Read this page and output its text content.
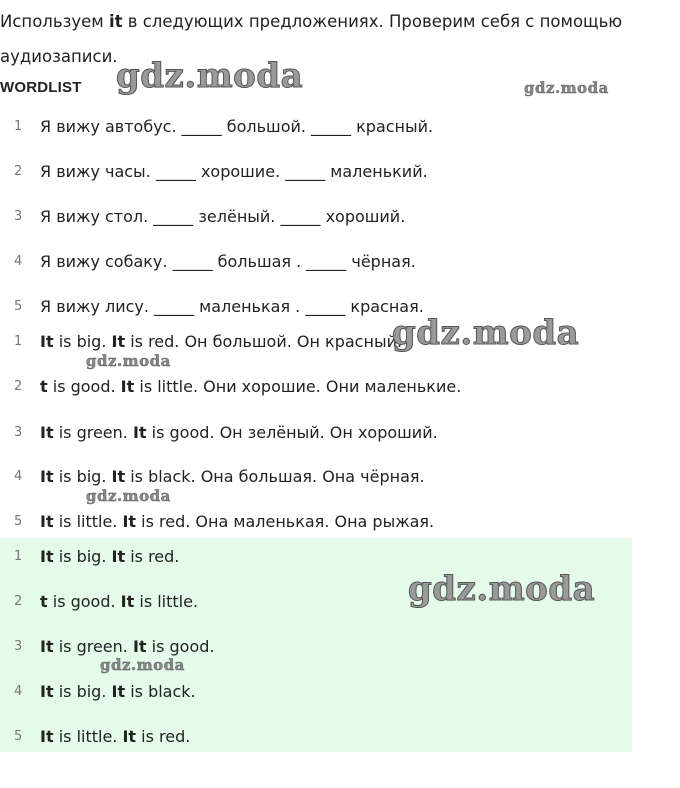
Используем it в следующих предложениях. Проверим себя с помощью аудиозаписи.
WORDLIST
1	Я вижу автобус. _____ большой. _____ красный.
2	Я вижу часы. _____ хорошие. _____ маленький.
3	Я вижу стол. _____ зелёный. _____ хороший.
4	Я вижу собаку. _____ большая . _____ чёрная.
5	Я вижу лису. _____ маленькая . _____ красная.
1	It is big. It is red. Он большой. Он красный.
2	t is good. It is little. Они хорошие. Они маленькие.
3	It is green. It is good. Он зелёный. Он хороший.
4	It is big. It is black. Она большая. Она чёрная.
5	It is little. It is red. Она маленькая. Она рыжая.
1	It is big. It is red.
2	t is good. It is little.
3	It is green. It is good.
4	It is big. It is black.
5	It is little. It is red.
gdz.moda	gdz.moda
gdz.moda
gdz.moda
gdz.moda
gdz.moda
gdz.moda
